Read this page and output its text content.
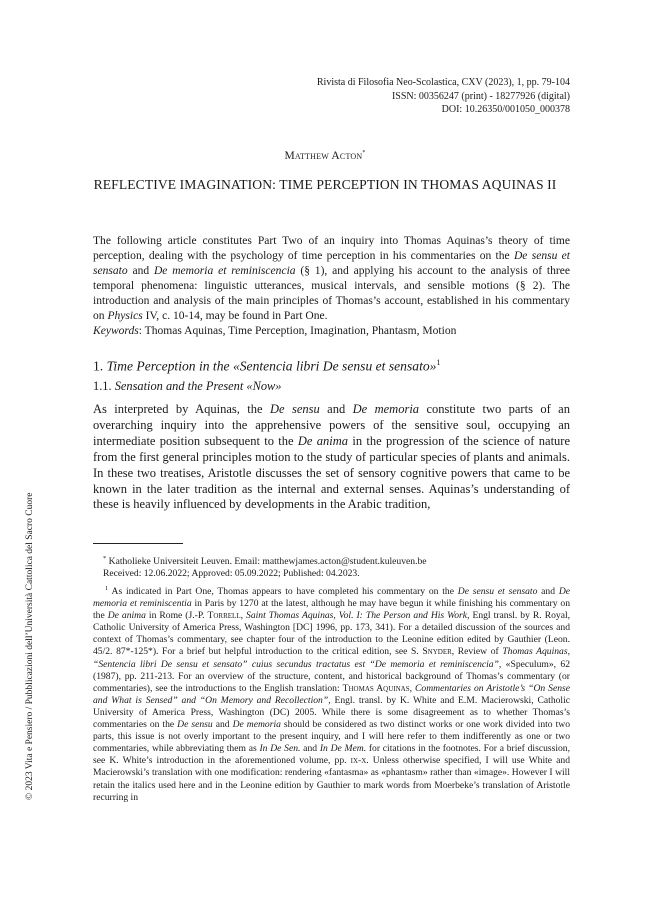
Rivista di Filosofia Neo-Scolastica, CXV (2023), 1, pp. 79-104
ISSN: 00356247 (print) - 18277926 (digital)
DOI: 10.26350/001050_000378
Matthew Acton*
REFLECTIVE IMAGINATION: TIME PERCEPTION IN THOMAS AQUINAS II
The following article constitutes Part Two of an inquiry into Thomas Aquinas’s theory of time perception, dealing with the psychology of time perception in his commentaries on the De sensu et sensato and De memoria et reminiscencia (§ 1), and applying his account to the analysis of three temporal phenomena: linguistic utterances, musical intervals, and sensible motions (§ 2). The introduction and analysis of the main principles of Thomas’s account, established in his commentary on Physics IV, c. 10-14, may be found in Part One.
Keywords: Thomas Aquinas, Time Perception, Imagination, Phantasm, Motion
1. Time Perception in the «Sentencia libri De sensu et sensato»$^1$
1.1. Sensation and the Present «Now»
As interpreted by Aquinas, the De sensu and De memoria constitute two parts of an overarching inquiry into the apprehensive powers of the sensitive soul, occupying an intermediate position subsequent to the De anima in the progression of the science of nature from the first general principles motion to the study of particular species of plants and animals. In these two treatises, Aristotle discusses the set of sensory cognitive powers that came to be known in the later tradition as the internal and external senses. Aquinas’s understanding of these is heavily influenced by developments in the Arabic tradition,
* Katholieke Universiteit Leuven. Email: matthewjames.acton@student.kuleuven.be
Received: 12.06.2022; Approved: 05.09.2022; Published: 04.2023.
$^1$ As indicated in Part One, Thomas appears to have completed his commentary on the De sensu et sensato and De memoria et reminiscentia in Paris by 1270 at the latest, although he may have begun it while finishing his commentary on the De anima in Rome (J.-P. Torrell, Saint Thomas Aquinas, Vol. I: The Person and His Work, Engl transl. by R. Royal, Catholic University of America Press, Washington [DC] 1996, pp. 173, 341). For a detailed discussion of the sources and context of Thomas’s commentary, see chapter four of the introduction to the Leonine edition edited by Gauthier (Leon. 45/2. 87*-125*). For a brief but helpful introduction to the critical edition, see S. Snyder, Review of Thomas Aquinas, “Sentencia libri De sensu et sensato” cuius secundus tractatus est “De memoria et reminiscencia”, «Speculum», 62 (1987), pp. 211-213. For an overview of the structure, content, and historical background of Thomas’s commentary (or commentaries), see the introductions to the English translation: Thomas Aquinas, Commentaries on Aristotle’s “On Sense and What is Sensed” and “On Memory and Recollection”, Engl. transl. by K. White and E.M. Macierowski, Catholic University of America Press, Washington (DC) 2005. While there is some disagreement as to whether Thomas’s commentaries on the De sensu and De memoria should be considered as two distinct works or one work divided into two parts, this issue is not overly important to the present inquiry, and I will here refer to them indifferently as one or two commentaries, while abbreviating them as In De Sen. and In De Mem. for citations in the footnotes. For a brief discussion, see K. White’s introduction in the aforementioned volume, pp. ix-x. Unless otherwise specified, I will use White and Macierowski’s translation with one modification: rendering «fantasma» as «phantasm» rather than «image». However I will retain the italics used here and in the Leonine edition by Gauthier to mark words from Moerbeke’s translation of Aristotle recurring in
© 2023 Vita e Pensiero / Pubblicazioni dell’Università Cattolica del Sacro Cuore
